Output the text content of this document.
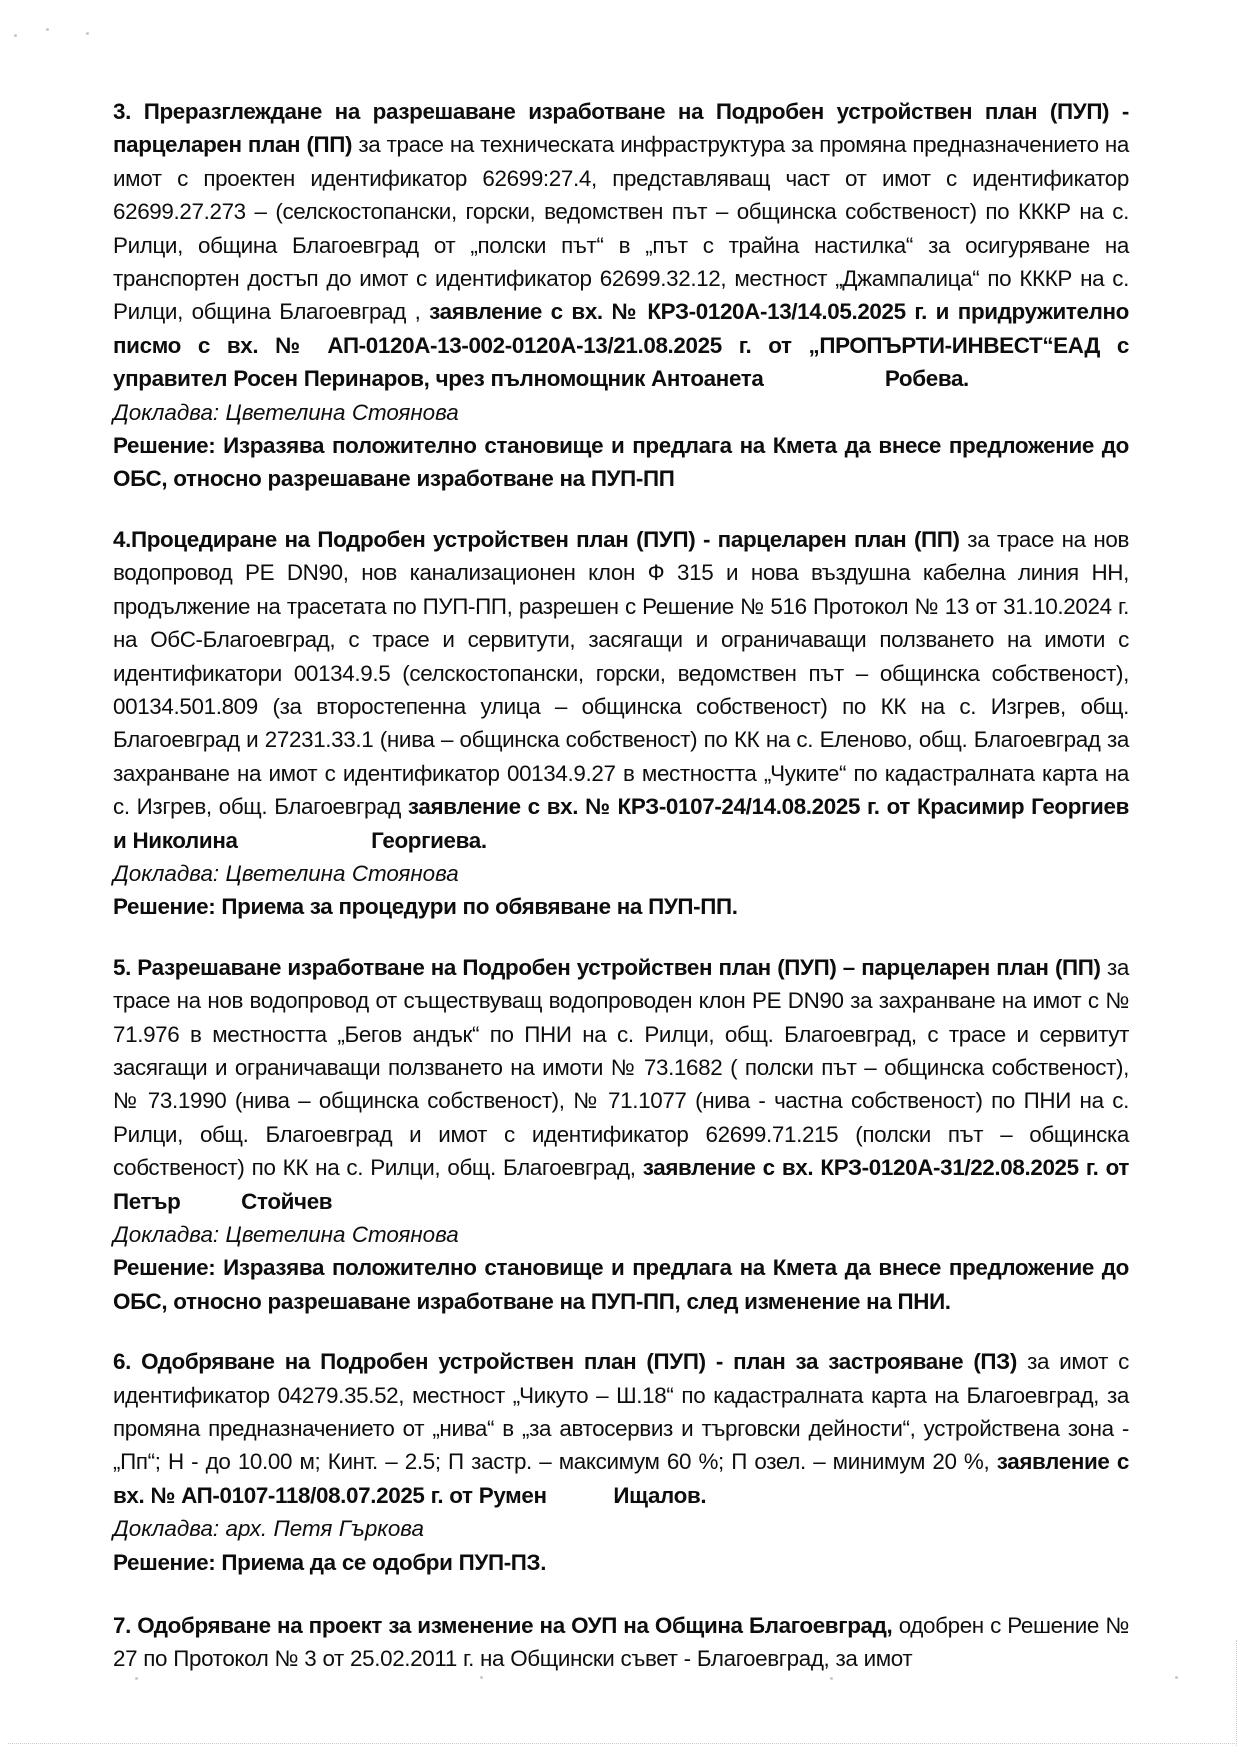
3. Преразглеждане на разрешаване изработване на Подробен устройствен план (ПУП) - парцеларен план (ПП) за трасе на техническата инфраструктура за промяна предназначението на имот с проектен идентификатор 62699:27.4, представляващ част от имот с идентификатор 62699.27.273 – (селскостопански, горски, ведомствен път – общинска собственост) по КККР на с. Рилци, община Благоевград от „полски път“ в „път с трайна настилка“ за осигуряване на транспортен достъп до имот с идентификатор 62699.32.12, местност „Джампалица“ по КККР на с. Рилци, община Благоевград , заявление с вх. № КРЗ-0120А-13/14.05.2025 г. и придружително писмо с вх. № АП-0120А-13-002-0120А-13/21.08.2025 г. от „ПРОПЪРТИ-ИНВЕСТ“ЕАД с управител Росен Перинаров, чрез пълномощник Антоанета                    Робева.

Докладва: Цветелина Стоянова

Решение: Изразява положително становище и предлага на Кмета да внесе предложение до ОБС, относно разрешаване изработване на ПУП-ПП

4.Процедиране на Подробен устройствен план (ПУП) - парцеларен план (ПП) за трасе на нов водопровод РЕ DN90, нов канализационен клон Ф 315 и нова въздушна кабелна линия НН, продължение на трасетата по ПУП-ПП, разрешен с Решение № 516 Протокол № 13 от 31.10.2024 г. на ОбС-Благоевград, с трасе и сервитути, засягащи и ограничаващи ползването на имоти с идентификатори 00134.9.5 (селскостопански, горски, ведомствен път – общинска собственост), 00134.501.809 (за второстепенна улица – общинска собственост) по КК на с. Изгрев, общ. Благоевград и 27231.33.1 (нива – общинска собственост) по КК на с. Еленово, общ. Благоевград за захранване на имот с идентификатор 00134.9.27 в местността „Чуките“ по кадастралната карта на с. Изгрев, общ. Благоевград заявление с вх. № КРЗ-0107-24/14.08.2025 г. от Красимир Георгиев и Николина                      Георгиева.

Докладва: Цветелина Стоянова

Решение: Приема за процедури по обявяване на ПУП-ПП.

5. Разрешаване изработване на Подробен устройствен план (ПУП) – парцеларен план (ПП) за трасе на нов водопровод от съществуващ водопроводен клон РЕ DN90 за захранване на имот с № 71.976 в местността „Бегов андък“ по ПНИ на с. Рилци, общ. Благоевград, с трасе и сервитут засягащи и ограничаващи ползването на имоти № 73.1682 ( полски път – общинска собственост), № 73.1990 (нива – общинска собственост), № 71.1077 (нива - частна собственост) по ПНИ на с. Рилци, общ. Благоевград и имот с идентификатор 62699.71.215 (полски път – общинска собственост) по КК на с. Рилци, общ. Благоевград, заявление с вх. КРЗ-0120А-31/22.08.2025 г. от Петър          Стойчев

Докладва: Цветелина Стоянова

Решение: Изразява положително становище и предлага на Кмета да внесе предложение до ОБС, относно разрешаване изработване на ПУП-ПП, след изменение на ПНИ.

6. Одобряване на Подробен устройствен план (ПУП) - план за застрояване (ПЗ) за имот с идентификатор 04279.35.52, местност „Чикуто – Ш.18“ по кадастралната карта на Благоевград, за промяна предназначението от „нива“ в „за автосервиз и търговски дейности“, устройствена зона - „Пп“; Н - до 10.00 м; Кинт. – 2.5; П застр. – максимум 60 %; П озел. – минимум 20 %, заявление с вх. № АП-0107-118/08.07.2025 г. от Румен           Ищалов.

Докладва: арх. Петя Гъркова

Решение: Приема да се одобри ПУП-ПЗ.

7. Одобряване на проект за изменение на ОУП на Община Благоевград, одобрен с Решение № 27 по Протокол № 3 от 25.02.2011 г. на Общински съвет - Благоевград, за имот
